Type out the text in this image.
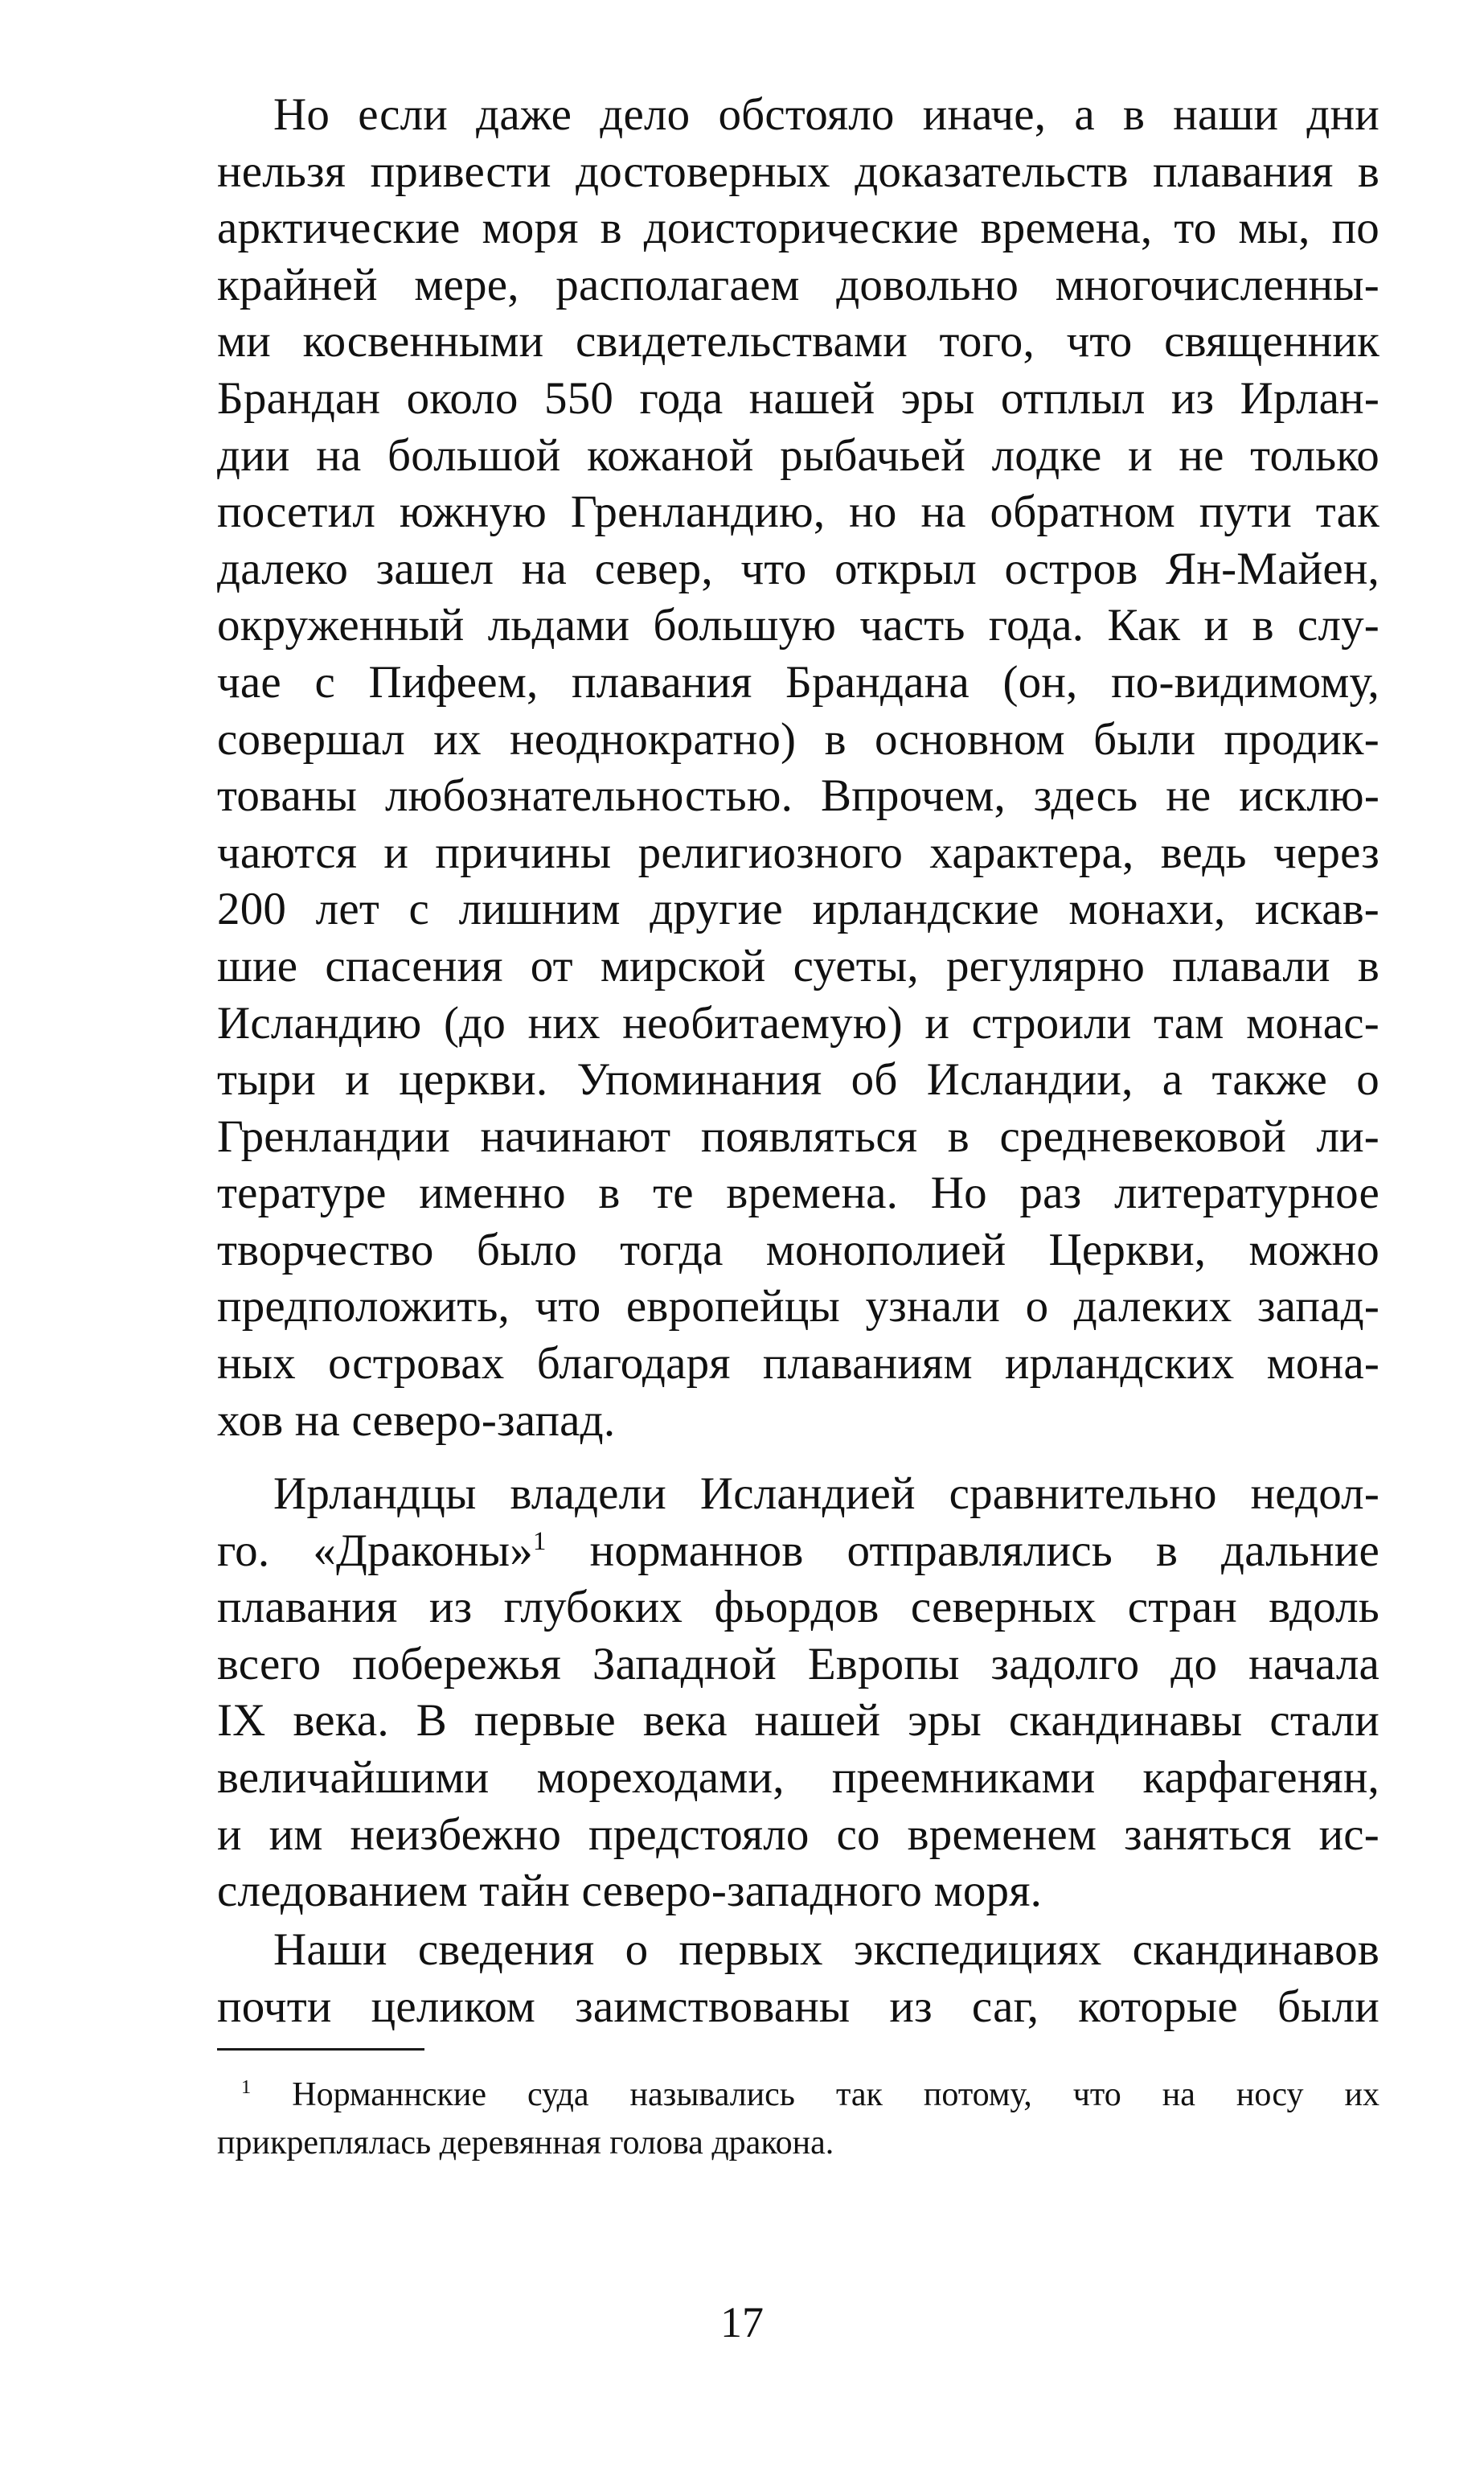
Но если даже дело обстояло иначе, а в наши дни
нельзя привести достоверных доказательств плавания в
арктические моря в доисторические времена, то мы, по
крайней мере, располагаем довольно многочисленны-
ми косвенными свидетельствами того, что священник
Брандан около 550 года нашей эры отплыл из Ирлан-
дии на большой кожаной рыбачьей лодке и не только
посетил южную Гренландию, но на обратном пути так
далеко зашел на север, что открыл остров Ян-Майен,
окруженный льдами большую часть года. Как и в слу-
чае с Пифеем, плавания Брандана (он, по-видимому,
совершал их неоднократно) в основном были продик-
тованы любознательностью. Впрочем, здесь не исклю-
чаются и причины религиозного характера, ведь через
200 лет с лишним другие ирландские монахи, искав-
шие спасения от мирской суеты, регулярно плавали в
Исландию (до них необитаемую) и строили там монас-
тыри и церкви. Упоминания об Исландии, а также о
Гренландии начинают появляться в средневековой ли-
тературе именно в те времена. Но раз литературное
творчество было тогда монополией Церкви, можно
предположить, что европейцы узнали о далеких запад-
ных островах благодаря плаваниям ирландских мона-
хов на северо-запад.
Ирландцы владели Исландией сравнительно недол-
го. «Драконы»$^1$ норманнов отправлялись в дальние
плавания из глубоких фьордов северных стран вдоль
всего побережья Западной Европы задолго до начала
IX века. В первые века нашей эры скандинавы стали
величайшими мореходами, преемниками карфагенян,
и им неизбежно предстояло со временем заняться ис-
следованием тайн северо-западного моря.
Наши сведения о первых экспедициях скандинавов
почти целиком заимствованы из саг, которые были
$^1$ Норманнские суда назывались так потому, что на носу их
прикреплялась деревянная голова дракона.
17
